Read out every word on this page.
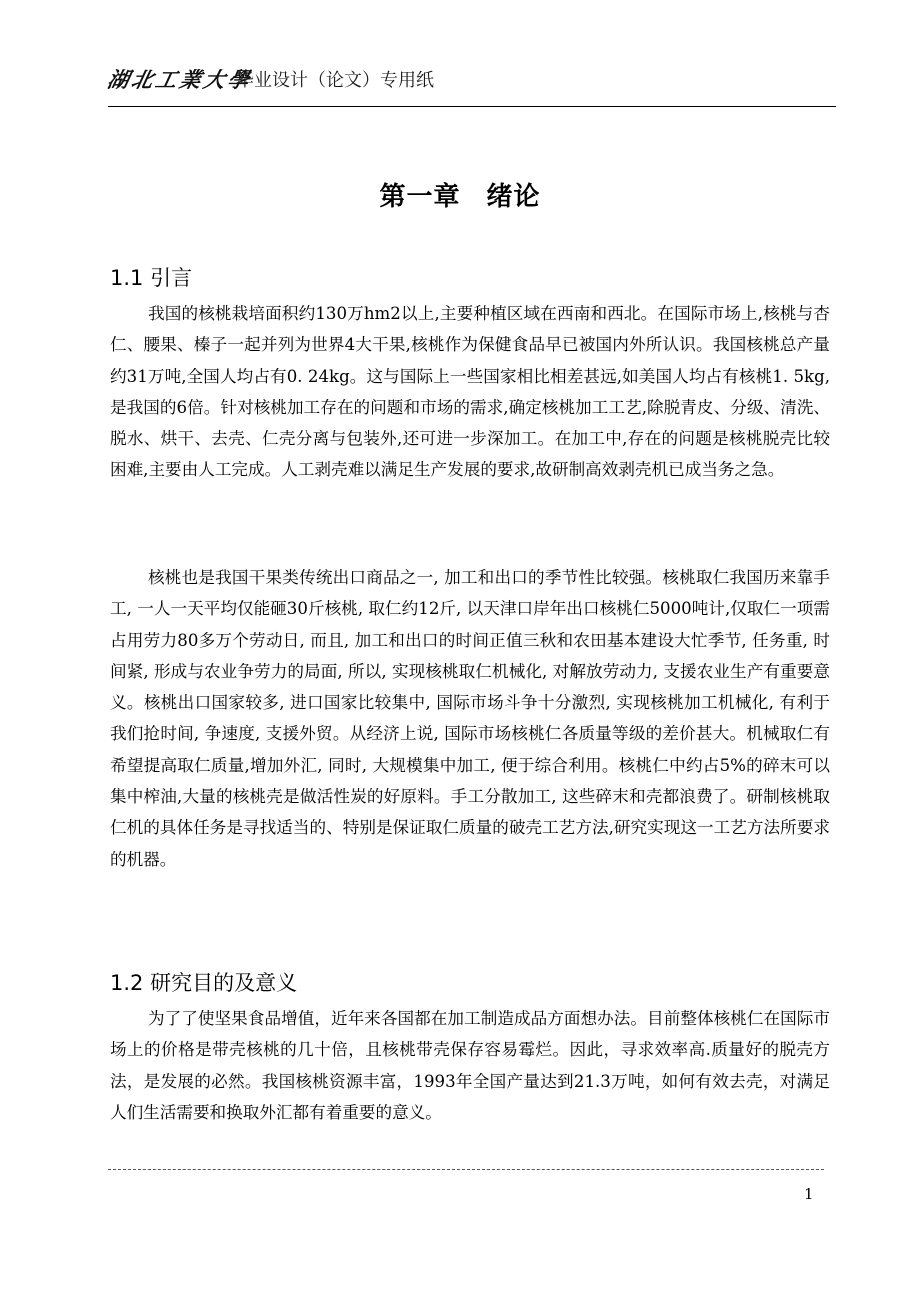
湖北工業大學
毕业设计（论文）专用纸
第一章 绪论
1.1 引言

我国的核桃栽培面积约130万hm2以上,主要种植区域在西南和西北。在国际市场上,核桃与杏仁、腰果、榛子一起并列为世界4大干果,核桃作为保健食品早已被国内外所认识。我国核桃总产量约31万吨,全国人均占有0. 24kg。这与国际上一些国家相比相差甚远,如美国人均占有核桃1. 5kg,是我国的6倍。针对核桃加工存在的问题和市场的需求,确定核桃加工工艺,除脱青皮、分级、清洗、脱水、烘干、去壳、仁壳分离与包装外,还可进一步深加工。在加工中,存在的问题是核桃脱壳比较困难,主要由人工完成。人工剥壳难以满足生产发展的要求,故研制高效剥壳机已成当务之急。

核桃也是我国干果类传统出口商品之一, 加工和出口的季节性比较强。核桃取仁我国历来靠手工, 一人一天平均仅能砸30斤核桃, 取仁约12斤, 以天津口岸年出口核桃仁5000吨计,仅取仁一项需占用劳力80多万个劳动日, 而且, 加工和出口的时间正值三秋和农田基本建设大忙季节, 任务重, 时间紧, 形成与农业争劳力的局面, 所以, 实现核桃取仁机械化, 对解放劳动力, 支援农业生产有重要意义。核桃出口国家较多, 进口国家比较集中, 国际市场斗争十分激烈, 实现核桃加工机械化, 有利于我们抢时间, 争速度, 支援外贸。从经济上说, 国际市场核桃仁各质量等级的差价甚大。机械取仁有希望提高取仁质量,增加外汇, 同时, 大规模集中加工, 便于综合利用。核桃仁中约占5%的碎末可以集中榨油,大量的核桃壳是做活性炭的好原料。手工分散加工, 这些碎末和壳都浪费了。研制核桃取仁机的具体任务是寻找适当的、特别是保证取仁质量的破壳工艺方法,研究实现这一工艺方法所要求的机器。

1.2 研究目的及意义

为了了使坚果食品增值，近年来各国都在加工制造成品方面想办法。目前整体核桃仁在国际市场上的价格是带壳核桃的几十倍，且核桃带壳保存容易霉烂。因此，寻求效率高.质量好的脱壳方法，是发展的必然。我国核桃资源丰富，1993年全国产量达到21.3万吨，如何有效去壳，对满足人们生活需要和换取外汇都有着重要的意义。

1
